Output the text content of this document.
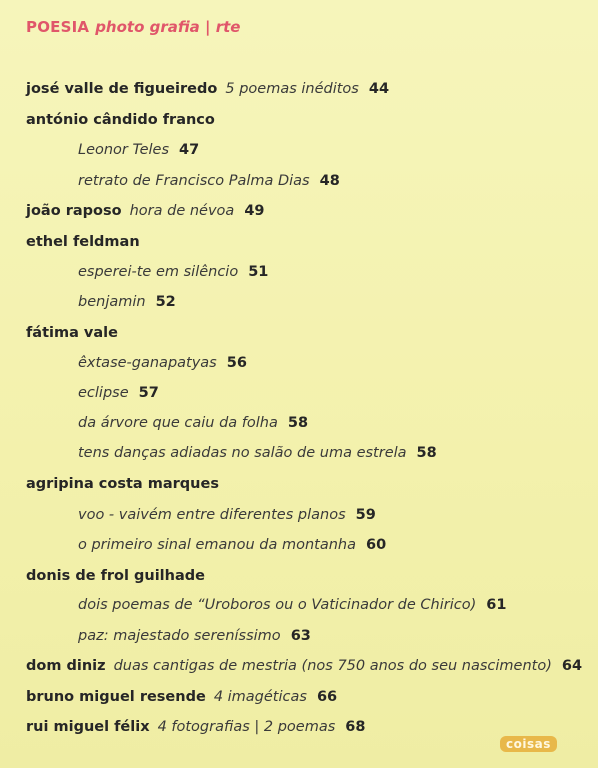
POESIA photo grafia | rte
josé valle de figueiredo 5 poemas inéditos 44
antónio cândido franco
Leonor Teles 47
retrato de Francisco Palma Dias 48
joão raposo hora de névoa 49
ethel feldman
esperei-te em silêncio 51
benjamin 52
fátima vale
êxtase-ganapatyas 56
eclipse 57
da árvore que caiu da folha 58
tens danças adiadas no salão de uma estrela 58
agripina costa marques
voo - vaivém entre diferentes planos 59
o primeiro sinal emanou da montanha 60
donis de frol guilhade
dois poemas de “Uroboros ou o Vaticinador de Chirico) 61
paz: majestado sereníssimo 63
dom diniz duas cantigas de mestria (nos 750 anos do seu nascimento) 64
bruno miguel resende 4 imagéticas 66
rui miguel félix 4 fotografias | 2 poemas 68
coisas
